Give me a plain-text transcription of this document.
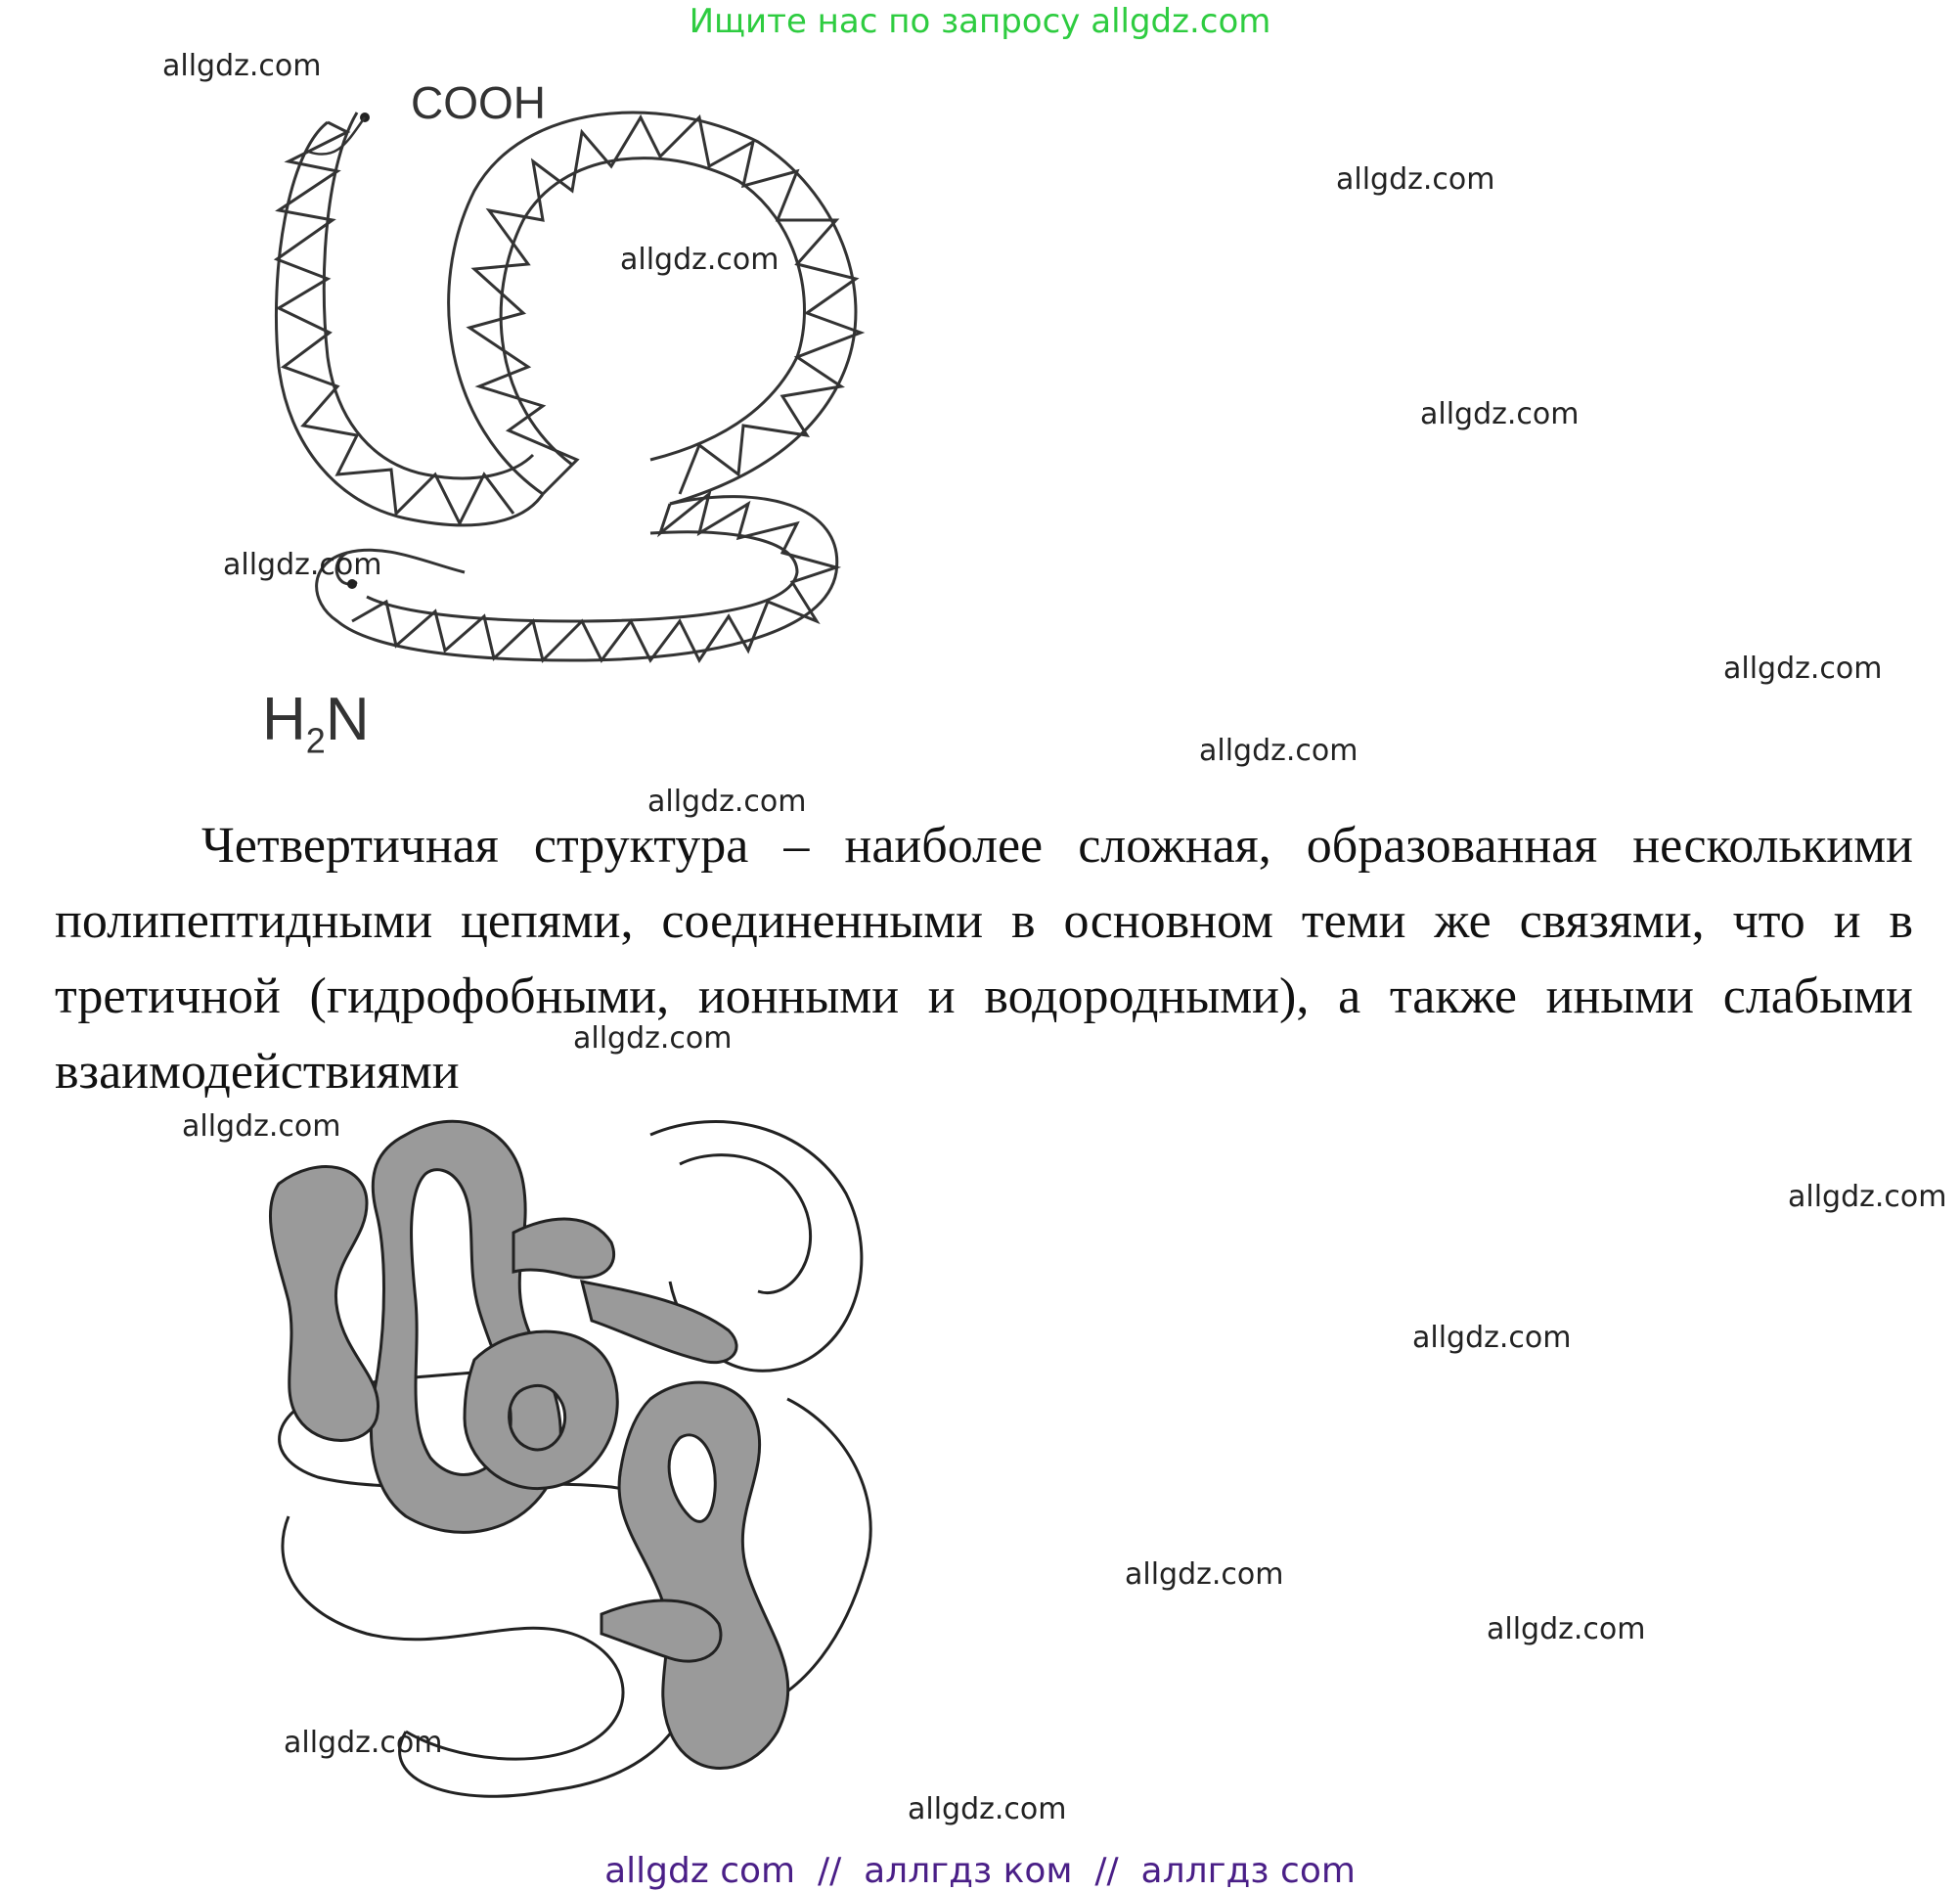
Ищите нас по запросу allgdz.com
COOH
$H_2N$

Четвертичная структура – наиболее сложная, образованная несколькими полипептидными цепями, соединенными в основном теми же связями, что и в третичной (гидрофобными, ионными и водородными), а также иными слабыми взаимодействиями

allgdz.com
allgdz.com
allgdz.com
allgdz.com
allgdz.com
allgdz.com
allgdz.com
allgdz.com
allgdz.com
allgdz.com
allgdz.com
allgdz.com
allgdz.com
allgdz.com
allgdz.com
allgdz.com
allgdz com  //  аллгдз ком  //  аллгдз com
